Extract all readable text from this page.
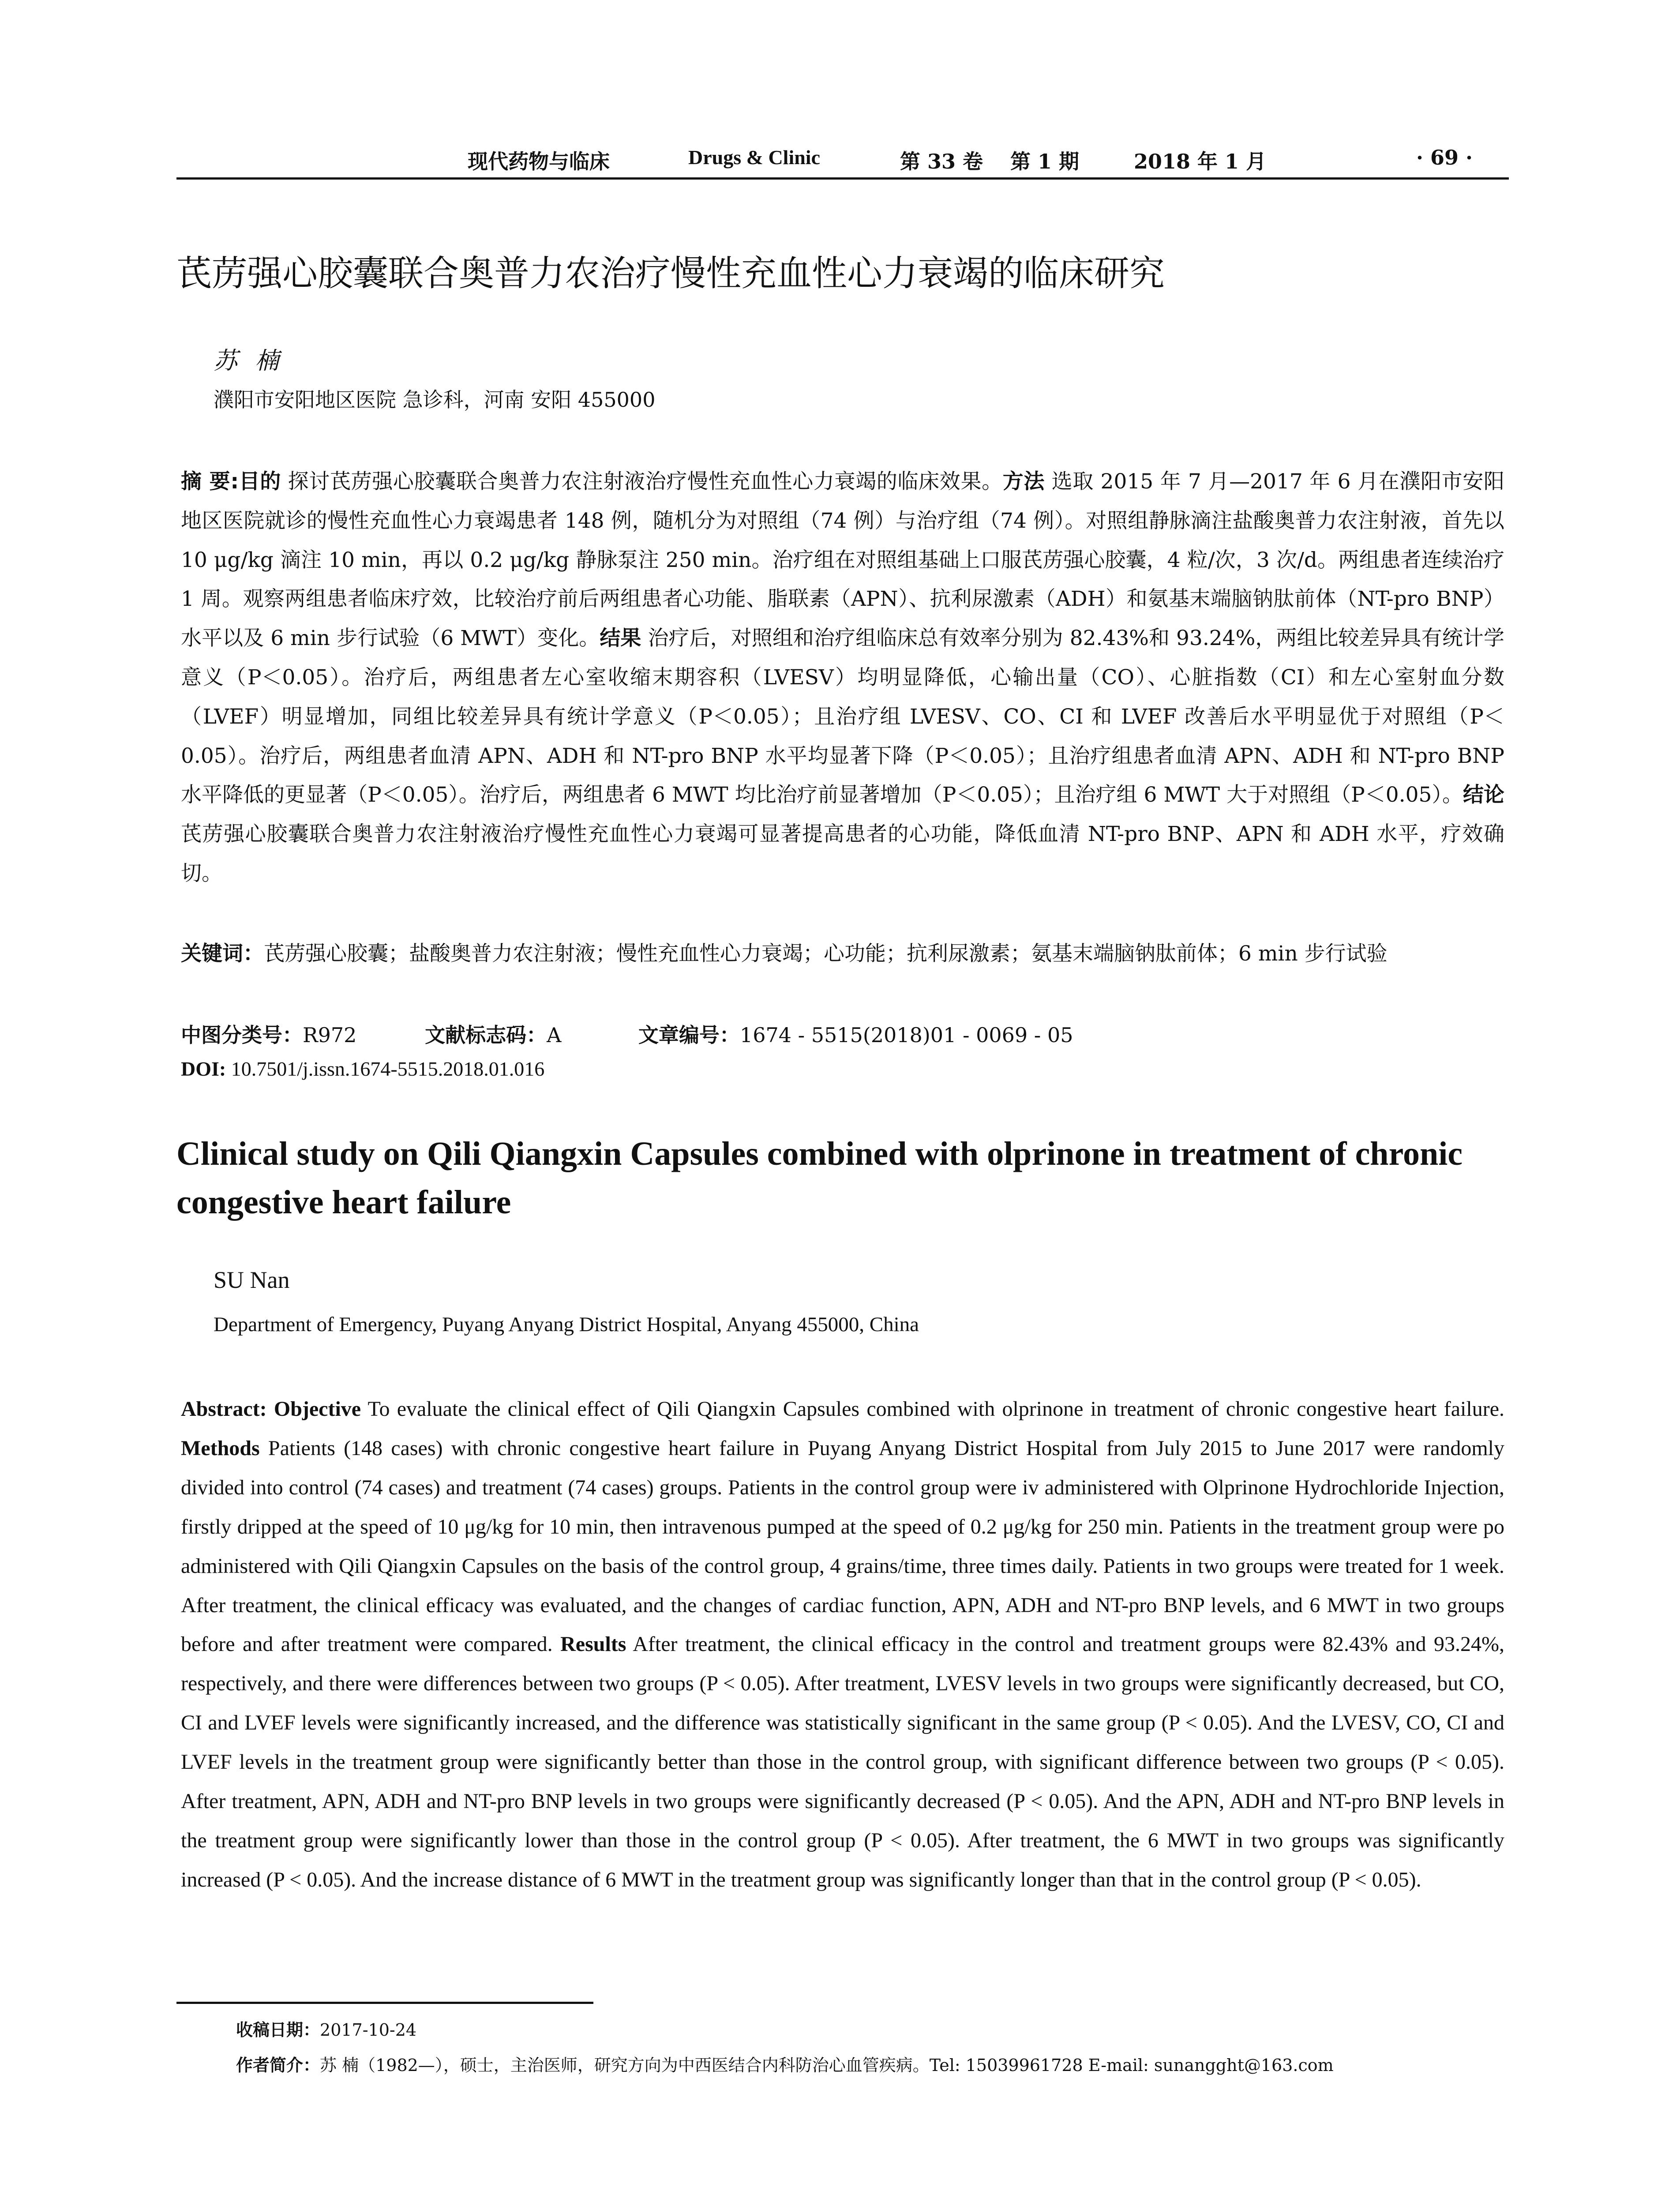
现代药物与临床	Drugs & Clinic	第 33 卷 第 1 期	2018 年 1 月	· 69 ·
芪苈强心胶囊联合奥普力农治疗慢性充血性心力衰竭的临床研究
苏楠
濮阳市安阳地区医院 急诊科，河南 安阳 455000

摘 要:目的 探讨芪苈强心胶囊联合奥普力农注射液治疗慢性充血性心力衰竭的临床效果。方法 选取 2015 年 7 月—2017 年 6 月在濮阳市安阳地区医院就诊的慢性充血性心力衰竭患者 148 例，随机分为对照组（74 例）与治疗组（74 例）。对照组静脉滴注盐酸奥普力农注射液，首先以 10 μg/kg 滴注 10 min，再以 0.2 μg/kg 静脉泵注 250 min。治疗组在对照组基础上口服芪苈强心胶囊，4 粒/次，3 次/d。两组患者连续治疗 1 周。观察两组患者临床疗效，比较治疗前后两组患者心功能、脂联素（APN）、抗利尿激素（ADH）和氨基末端脑钠肽前体（NT-pro BNP）水平以及 6 min 步行试验（6 MWT）变化。结果 治疗后，对照组和治疗组临床总有效率分别为 82.43%和 93.24%，两组比较差异具有统计学意义（P＜0.05）。治疗后，两组患者左心室收缩末期容积（LVESV）均明显降低，心输出量（CO）、心脏指数（CI）和左心室射血分数（LVEF）明显增加，同组比较差异具有统计学意义（P＜0.05）；且治疗组 LVESV、CO、CI 和 LVEF 改善后水平明显优于对照组（P＜0.05）。治疗后，两组患者血清 APN、ADH 和 NT-pro BNP 水平均显著下降（P＜0.05）；且治疗组患者血清 APN、ADH 和 NT-pro BNP 水平降低的更显著（P＜0.05）。治疗后，两组患者 6 MWT 均比治疗前显著增加（P＜0.05）；且治疗组 6 MWT 大于对照组（P＜0.05）。结论 芪苈强心胶囊联合奥普力农注射液治疗慢性充血性心力衰竭可显著提高患者的心功能，降低血清 NT-pro BNP、APN 和 ADH 水平，疗效确切。

关键词：芪苈强心胶囊；盐酸奥普力农注射液；慢性充血性心力衰竭；心功能；抗利尿激素；氨基末端脑钠肽前体；6 min 步行试验

中图分类号：R972	文献标志码：A	文章编号：1674 - 5515(2018)01 - 0069 - 05
DOI: 10.7501/j.issn.1674-5515.2018.01.016
Clinical study on Qili Qiangxin Capsules combined with olprinone in treatment of chronic congestive heart failure
SU Nan
Department of Emergency, Puyang Anyang District Hospital, Anyang 455000, China

Abstract: Objective To evaluate the clinical effect of Qili Qiangxin Capsules combined with olprinone in treatment of chronic congestive heart failure. Methods Patients (148 cases) with chronic congestive heart failure in Puyang Anyang District Hospital from July 2015 to June 2017 were randomly divided into control (74 cases) and treatment (74 cases) groups. Patients in the control group were iv administered with Olprinone Hydrochloride Injection, firstly dripped at the speed of 10 μg/kg for 10 min, then intravenous pumped at the speed of 0.2 μg/kg for 250 min. Patients in the treatment group were po administered with Qili Qiangxin Capsules on the basis of the control group, 4 grains/time, three times daily. Patients in two groups were treated for 1 week. After treatment, the clinical efficacy was evaluated, and the changes of cardiac function, APN, ADH and NT-pro BNP levels, and 6 MWT in two groups before and after treatment were compared. Results After treatment, the clinical efficacy in the control and treatment groups were 82.43% and 93.24%, respectively, and there were differences between two groups (P < 0.05). After treatment, LVESV levels in two groups were significantly decreased, but CO, CI and LVEF levels were significantly increased, and the difference was statistically significant in the same group (P < 0.05). And the LVESV, CO, CI and LVEF levels in the treatment group were significantly better than those in the control group, with significant difference between two groups (P < 0.05). After treatment, APN, ADH and NT-pro BNP levels in two groups were significantly decreased (P < 0.05). And the APN, ADH and NT-pro BNP levels in the treatment group were significantly lower than those in the control group (P < 0.05). After treatment, the 6 MWT in two groups was significantly increased (P < 0.05). And the increase distance of 6 MWT in the treatment group was significantly longer than that in the control group (P < 0.05).

收稿日期：2017-10-24
作者简介：苏 楠（1982—），硕士，主治医师，研究方向为中西医结合内科防治心血管疾病。Tel: 15039961728 E-mail: sunangght@163.com
